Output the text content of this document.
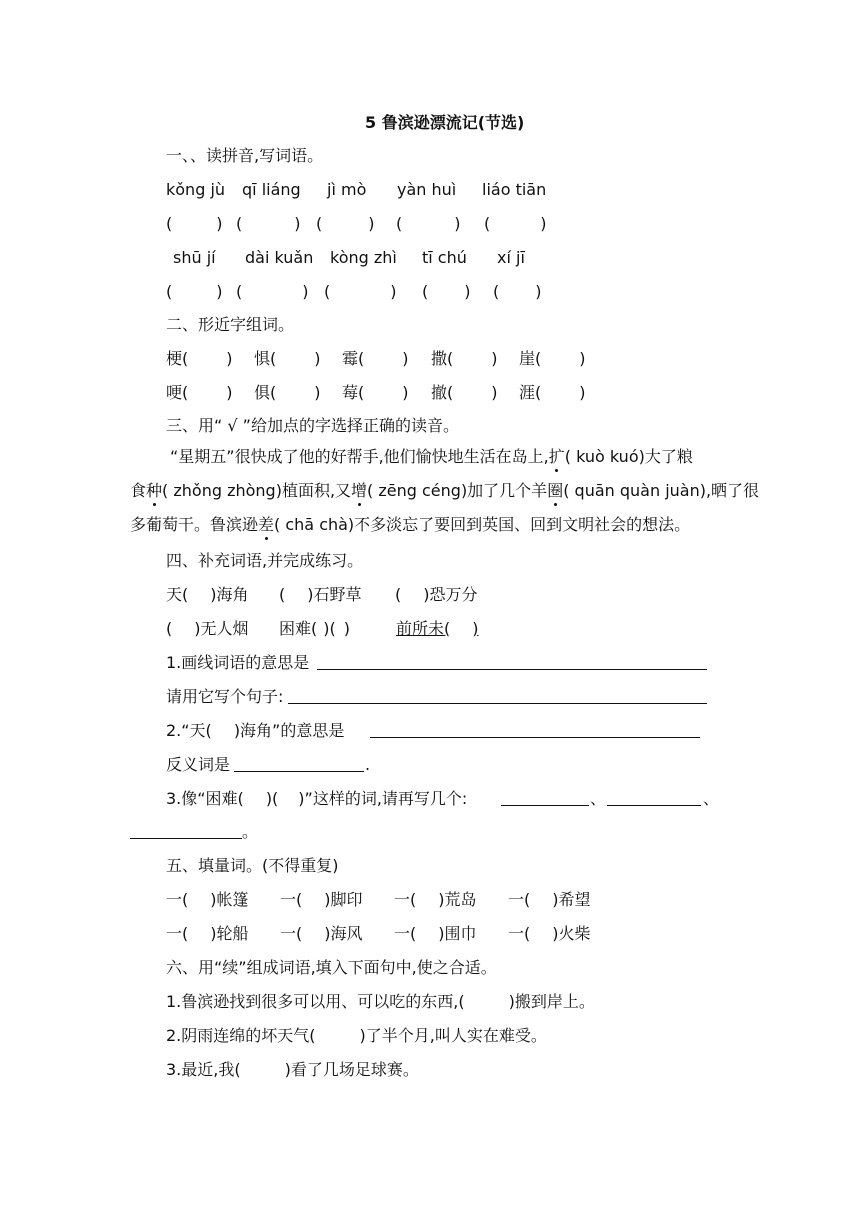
5 鲁滨逊漂流记(节选)
一、、读拼音,写词语。
kǒng jù qī liáng jì mò yàn huì liáo tiān
(	) (	) (	) (	) (	)
shū jí dài kuǎn kòng zhì tī chú xí jī
(	) (	) (	) ( ) ( )
二、形近字组词。
梗( ) 惧( ) 霉( ) 撒( ) 崖( )
哽( ) 俱( ) 莓( ) 撤( ) 涯( )
三、用“ √ ”给加点的字选择正确的读音。
“星期五”很快成了他的好帮手,他们愉快地生活在岛上,扩( kuò kuó)大了粮
食种( zhǒng zhòng)植面积,又增( zēng céng)加了几个羊圈( quān quàn juàn),晒了很
多葡萄干。鲁滨逊差( chā chà)不多淡忘了要回到英国、回到文明社会的想法。
四、补充词语,并完成练习。
天( )海角 ( )石野草 ( )恐万分
( )无人烟 困难( )( )	前所未( )
1.画线词语的意思是
请用它写个句子:
2.“天( )海角”的意思是
反义词是	.
3.像“困难( )( )”这样的词,请再写几个:	、	、
。
五、填量词。(不得重复)
一( )帐篷 一( )脚印 一( )荒岛 一( )希望
一( )轮船 一( )海风 一( )围巾 一( )火柴
六、用“续”组成词语,填入下面句中,使之合适。
1.鲁滨逊找到很多可以用、可以吃的东西,(	)搬到岸上。
2.阴雨连绵的坏天气(	)了半个月,叫人实在难受。
3.最近,我(	)看了几场足球赛。
